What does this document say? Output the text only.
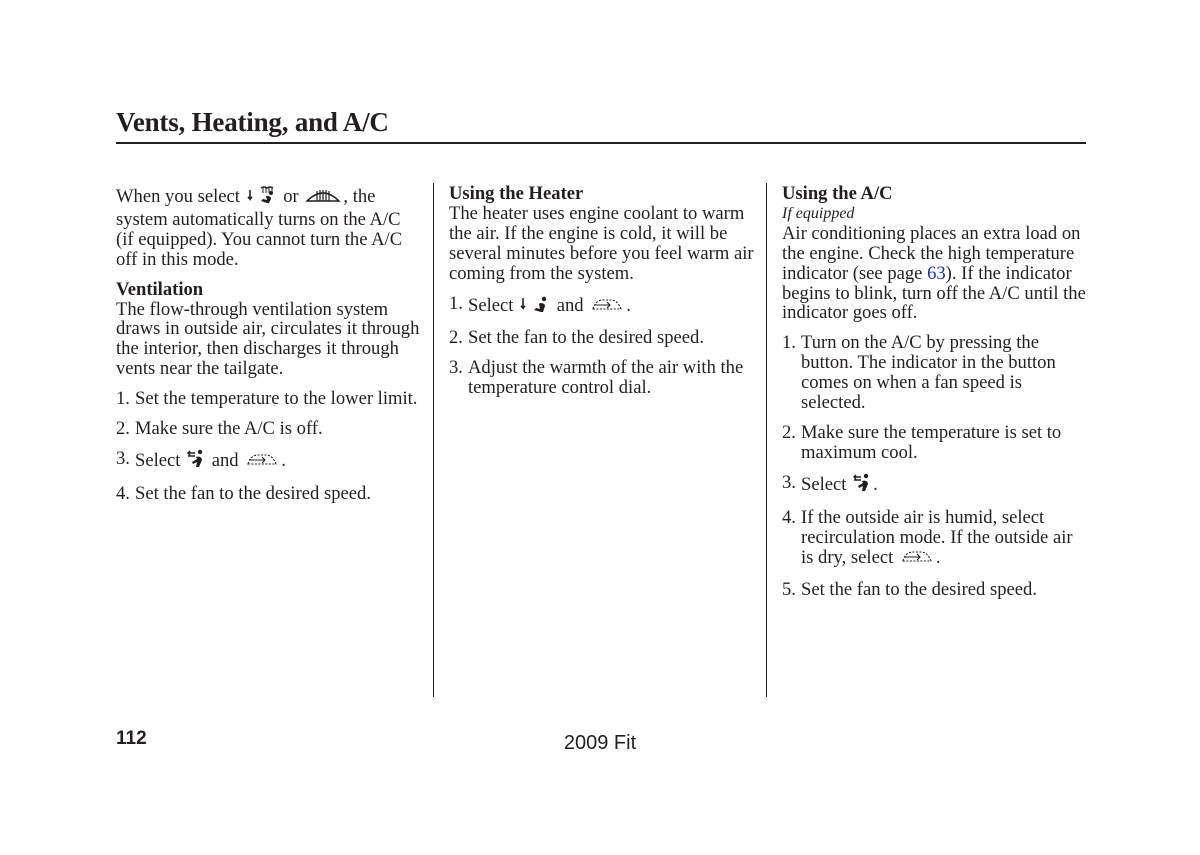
Vents, Heating, and A/C

When you select or , the system automatically turns on the A/C (if equipped). You cannot turn the A/C off in this mode.

Ventilation
The flow-through ventilation system draws in outside air, circulates it through the interior, then discharges it through vents near the tailgate.

1. Set the temperature to the lower limit.
2. Make sure the A/C is off.
3. Select and .
4. Set the fan to the desired speed.

Using the Heater
The heater uses engine coolant to warm the air. If the engine is cold, it will be several minutes before you feel warm air coming from the system.

1. Select and .
2. Set the fan to the desired speed.
3. Adjust the warmth of the air with the temperature control dial.

Using the A/C
If equipped
Air conditioning places an extra load on the engine. Check the high temperature indicator (see page 63). If the indicator begins to blink, turn off the A/C until the indicator goes off.

1. Turn on the A/C by pressing the button. The indicator in the button comes on when a fan speed is selected.
2. Make sure the temperature is set to maximum cool.
3. Select .
4. If the outside air is humid, select recirculation mode. If the outside air is dry, select .
5. Set the fan to the desired speed.
112	2009 Fit
